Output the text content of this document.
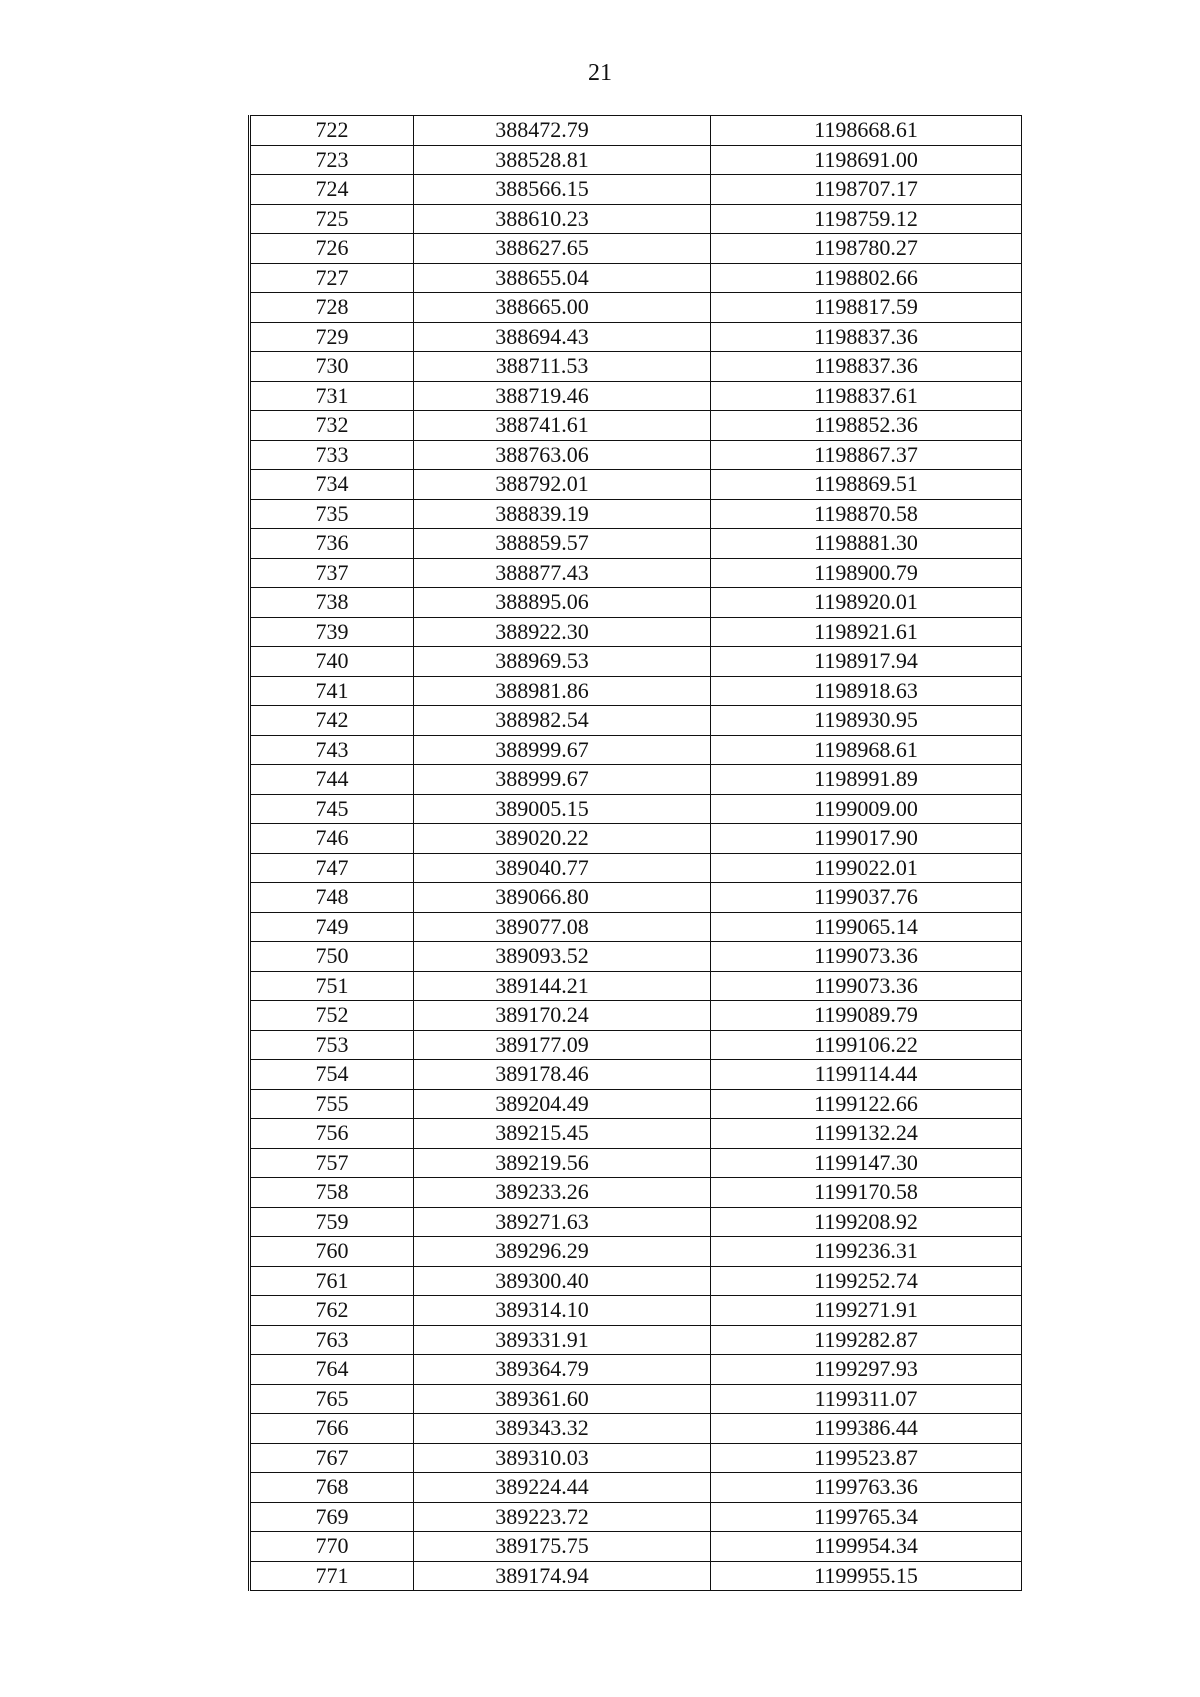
21
722	388472.79	1198668.61
723	388528.81	1198691.00
724	388566.15	1198707.17
725	388610.23	1198759.12
726	388627.65	1198780.27
727	388655.04	1198802.66
728	388665.00	1198817.59
729	388694.43	1198837.36
730	388711.53	1198837.36
731	388719.46	1198837.61
732	388741.61	1198852.36
733	388763.06	1198867.37
734	388792.01	1198869.51
735	388839.19	1198870.58
736	388859.57	1198881.30
737	388877.43	1198900.79
738	388895.06	1198920.01
739	388922.30	1198921.61
740	388969.53	1198917.94
741	388981.86	1198918.63
742	388982.54	1198930.95
743	388999.67	1198968.61
744	388999.67	1198991.89
745	389005.15	1199009.00
746	389020.22	1199017.90
747	389040.77	1199022.01
748	389066.80	1199037.76
749	389077.08	1199065.14
750	389093.52	1199073.36
751	389144.21	1199073.36
752	389170.24	1199089.79
753	389177.09	1199106.22
754	389178.46	1199114.44
755	389204.49	1199122.66
756	389215.45	1199132.24
757	389219.56	1199147.30
758	389233.26	1199170.58
759	389271.63	1199208.92
760	389296.29	1199236.31
761	389300.40	1199252.74
762	389314.10	1199271.91
763	389331.91	1199282.87
764	389364.79	1199297.93
765	389361.60	1199311.07
766	389343.32	1199386.44
767	389310.03	1199523.87
768	389224.44	1199763.36
769	389223.72	1199765.34
770	389175.75	1199954.34
771	389174.94	1199955.15
